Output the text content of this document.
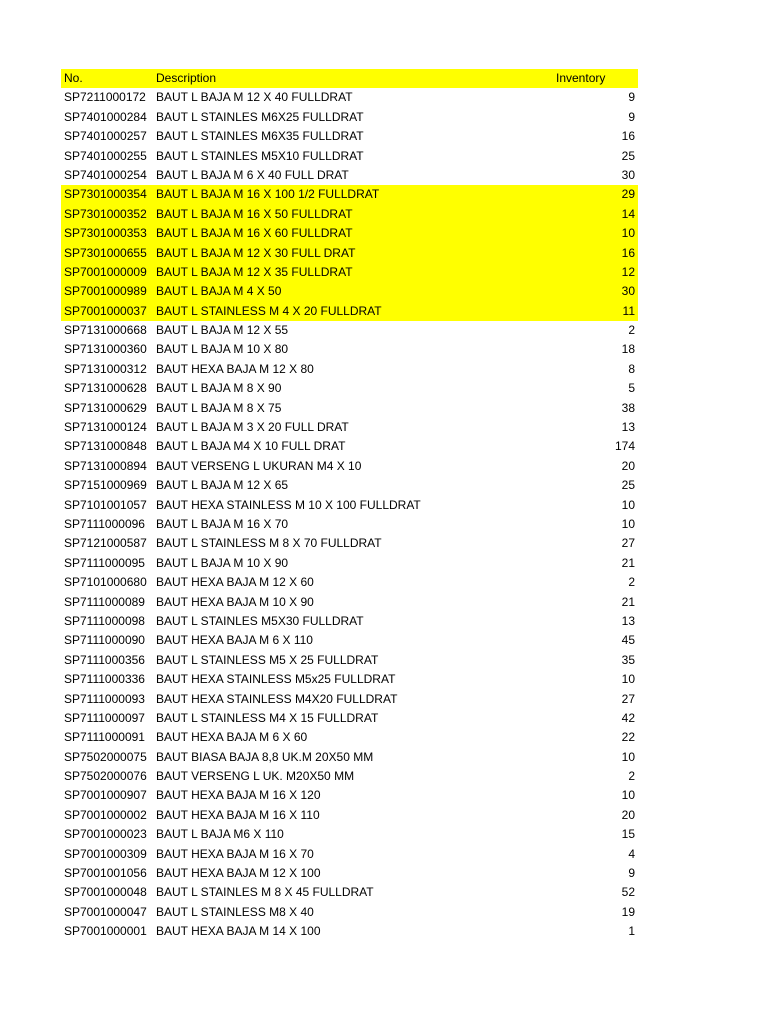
No.	Description	Inventory
SP7211000172 BAUT L BAJA M 12 X 40 FULLDRAT	9
SP7401000284 BAUT L STAINLES M6X25 FULLDRAT	9
SP7401000257 BAUT L STAINLES M6X35 FULLDRAT	16
SP7401000255 BAUT L STAINLES M5X10 FULLDRAT	25
SP7401000254 BAUT L BAJA M 6 X 40 FULL DRAT	30
SP7301000354 BAUT L BAJA M 16 X 100 1/2 FULLDRAT	29
SP7301000352 BAUT L BAJA M 16 X 50 FULLDRAT	14
SP7301000353 BAUT L BAJA M 16 X 60 FULLDRAT	10
SP7301000655 BAUT L BAJA M 12 X 30 FULL DRAT	16
SP7001000009 BAUT L BAJA M 12 X 35 FULLDRAT	12
SP7001000989 BAUT L BAJA M 4 X 50	30
SP7001000037 BAUT L STAINLESS M 4 X 20 FULLDRAT	11
SP7131000668 BAUT L BAJA M 12 X 55	2
SP7131000360 BAUT L BAJA M 10 X 80	18
SP7131000312 BAUT HEXA BAJA M 12 X 80	8
SP7131000628 BAUT L BAJA M 8 X 90	5
SP7131000629 BAUT L BAJA M 8 X 75	38
SP7131000124 BAUT L BAJA M 3 X 20 FULL DRAT	13
SP7131000848 BAUT L BAJA M4 X 10 FULL DRAT	174
SP7131000894 BAUT VERSENG L UKURAN M4 X 10	20
SP7151000969 BAUT L BAJA M 12 X 65	25
SP7101001057 BAUT HEXA STAINLESS M 10 X 100 FULLDRAT	10
SP7111000096 BAUT L BAJA M 16 X 70	10
SP7121000587 BAUT L STAINLESS M 8 X 70 FULLDRAT	27
SP7111000095 BAUT L BAJA M 10 X 90	21
SP7101000680 BAUT HEXA BAJA M 12 X 60	2
SP7111000089 BAUT HEXA BAJA M 10 X 90	21
SP7111000098 BAUT L STAINLES M5X30 FULLDRAT	13
SP7111000090 BAUT HEXA BAJA M 6 X 110	45
SP7111000356 BAUT L STAINLESS M5 X 25 FULLDRAT	35
SP7111000336 BAUT HEXA STAINLESS M5x25 FULLDRAT	10
SP7111000093 BAUT HEXA STAINLESS M4X20 FULLDRAT	27
SP7111000097 BAUT L STAINLESS M4 X 15 FULLDRAT	42
SP7111000091 BAUT HEXA BAJA M 6 X 60	22
SP7502000075 BAUT BIASA BAJA 8,8 UK.M 20X50 MM	10
SP7502000076 BAUT VERSENG L UK. M20X50 MM	2
SP7001000907 BAUT HEXA BAJA M 16 X 120	10
SP7001000002 BAUT HEXA BAJA M 16 X 110	20
SP7001000023 BAUT L BAJA M6 X 110	15
SP7001000309 BAUT HEXA BAJA M 16 X 70	4
SP7001001056 BAUT HEXA BAJA M 12 X 100	9
SP7001000048 BAUT L STAINLES M 8 X 45 FULLDRAT	52
SP7001000047 BAUT L STAINLESS M8 X 40	19
SP7001000001 BAUT HEXA BAJA M 14 X 100	1
